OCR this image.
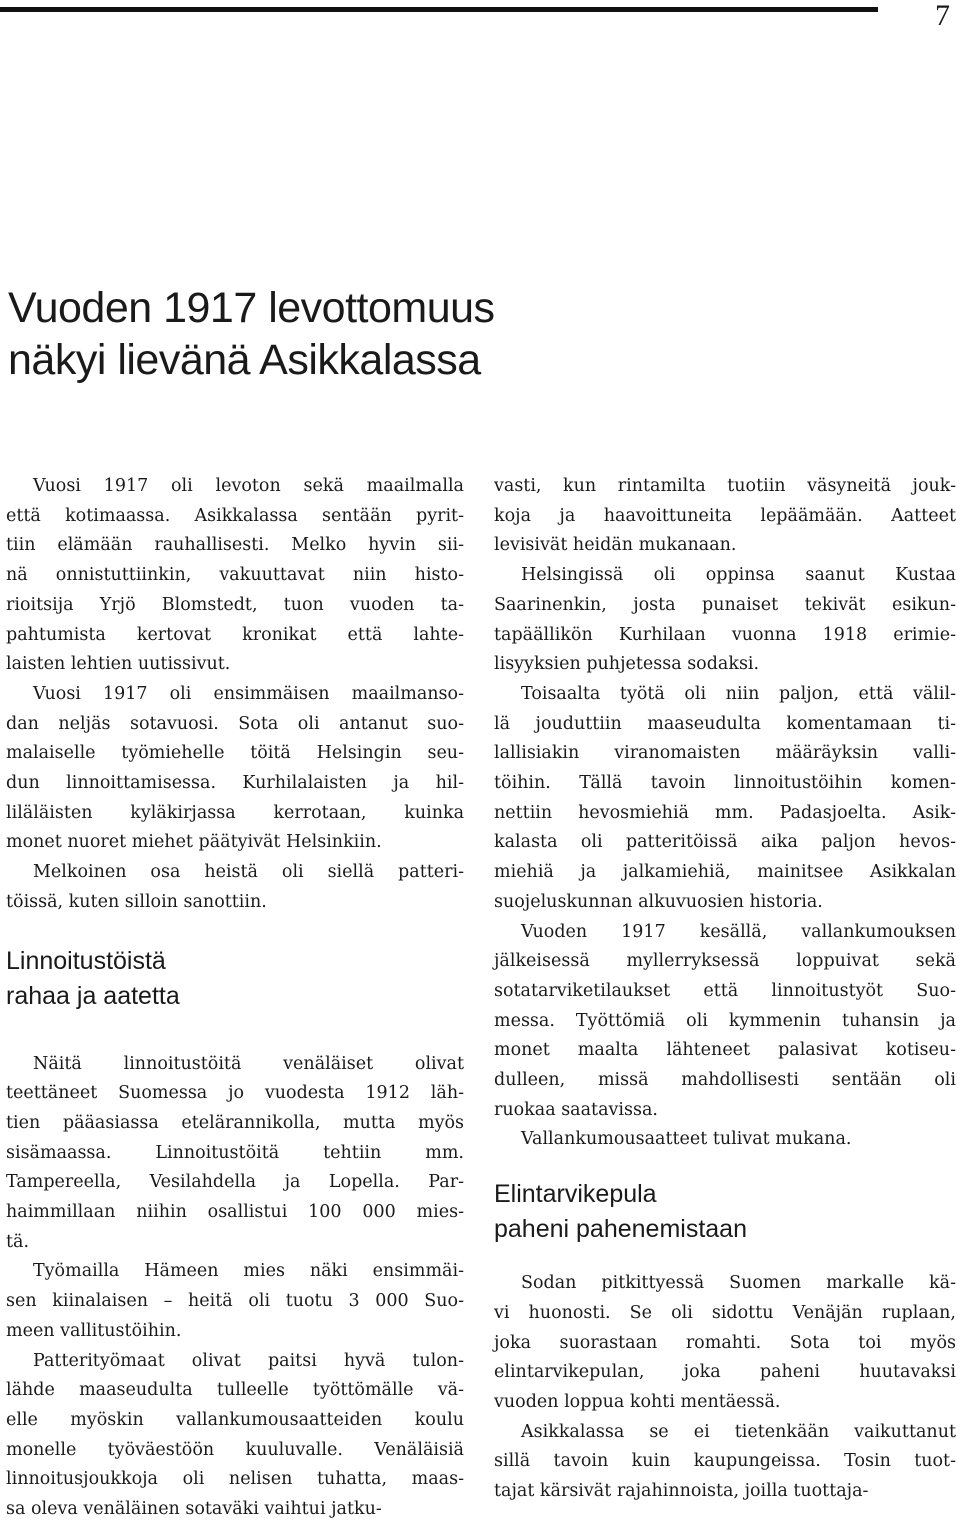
7
Vuoden 1917 levottomuus
näkyi lievänä Asikkalassa

Vuosi 1917 oli levoton sekä maailmalla
että kotimaassa. Asikkalassa sentään pyrit-
tiin elämään rauhallisesti. Melko hyvin sii-
nä onnistuttiinkin, vakuuttavat niin histo-
rioitsija Yrjö Blomstedt, tuon vuoden ta-
pahtumista kertovat kronikat että lahte-
laisten lehtien uutissivut.

Vuosi 1917 oli ensimmäisen maailmanso-
dan neljäs sotavuosi. Sota oli antanut suo-
malaiselle työmiehelle töitä Helsingin seu-
dun linnoittamisessa. Kurhilalaisten ja hil-
liläläisten kyläkirjassa kerrotaan, kuinka
monet nuoret miehet päätyivät Helsinkiin.

Melkoinen osa heistä oli siellä patteri-
töissä, kuten silloin sanottiin.

Linnoitustöistä
rahaa ja aatetta

Näitä linnoitustöitä venäläiset olivat
teettäneet Suomessa jo vuodesta 1912 läh-
tien pääasiassa etelärannikolla, mutta myös
sisämaassa. Linnoitustöitä tehtiin mm.
Tampereella, Vesilahdella ja Lopella. Par-
haimmillaan niihin osallistui 100 000 mies-
tä.

Työmailla Hämeen mies näki ensimmäi-
sen kiinalaisen – heitä oli tuotu 3 000 Suo-
meen vallitustöihin.

Patterityömaat olivat paitsi hyvä tulon-
lähde maaseudulta tulleelle työttömälle vä-
elle myöskin vallankumousaatteiden koulu
monelle työväestöön kuuluvalle. Venäläisiä
linnoitusjoukkoja oli nelisen tuhatta, maas-
sa oleva venäläinen sotaväki vaihtui jatku-

vasti, kun rintamilta tuotiin väsyneitä jouk-
koja ja haavoittuneita lepäämään. Aatteet
levisivät heidän mukanaan.

Helsingissä oli oppinsa saanut Kustaa
Saarinenkin, josta punaiset tekivät esikun-
tapäällikön Kurhilaan vuonna 1918 erimie-
lisyyksien puhjetessa sodaksi.

Toisaalta työtä oli niin paljon, että välil-
lä jouduttiin maaseudulta komentamaan ti-
lallisiakin viranomaisten määräyksin valli-
töihin. Tällä tavoin linnoitustöihin komen-
nettiin hevosmiehiä mm. Padasjoelta. Asik-
kalasta oli patteritöissä aika paljon hevos-
miehiä ja jalkamiehiä, mainitsee Asikkalan
suojeluskunnan alkuvuosien historia.

Vuoden 1917 kesällä, vallankumouksen
jälkeisessä myllerryksessä loppuivat sekä
sotatarviketilaukset että linnoitustyöt Suo-
messa. Työttömiä oli kymmenin tuhansin ja
monet maalta lähteneet palasivat kotiseu-
dulleen, missä mahdollisesti sentään oli
ruokaa saatavissa.

Vallankumousaatteet tulivat mukana.

Elintarvikepula
paheni pahenemistaan

Sodan pitkittyessä Suomen markalle kä-
vi huonosti. Se oli sidottu Venäjän ruplaan,
joka suorastaan romahti. Sota toi myös
elintarvikepulan, joka paheni huutavaksi
vuoden loppua kohti mentäessä.

Asikkalassa se ei tietenkään vaikuttanut
sillä tavoin kuin kaupungeissa. Tosin tuot-
tajat kärsivät rajahinnoista, joilla tuottaja-
